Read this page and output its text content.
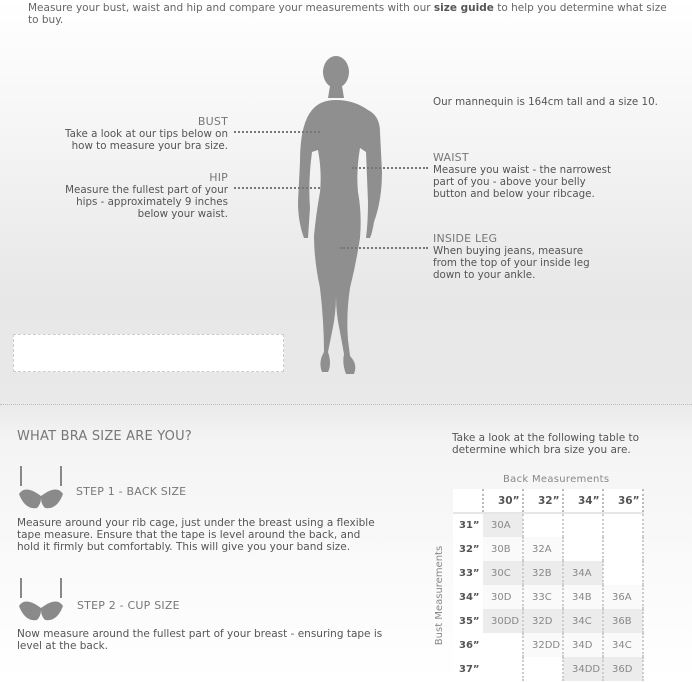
Measure your bust, waist and hip and compare your measurements with our size guide to help you determine what size to buy.
BUST
Take a look at our tips below on
how to measure your bra size.
HIP
Measure the fullest part of your
hips - approximately 9 inches
below your waist.
Our mannequin is 164cm tall and a size 10.
WAIST
Measure you waist - the narrowest
part of you - above your belly
button and below your ribcage.
INSIDE LEG
When buying jeans, measure
from the top of your inside leg
down to your ankle.
WHAT BRA SIZE ARE YOU?
STEP 1 - BACK SIZE
Measure around your rib cage, just under the breast using a flexible
tape measure. Ensure that the tape is level around the back, and
hold it firmly but comfortably. This will give you your band size.
STEP 2 - CUP SIZE
Now measure around the fullest part of your breast - ensuring tape is
level at the back.
Take a look at the following table to
determine which bra size you are.
Back Measurements
Bust Measurements
	30”	32”	34”	36”
31”	30A			
32”	30B	32A		
33”	30C	32B	34A	
34”	30D	33C	34B	36A
35”	30DD	32D	34C	36B
36”		32DD	34D	34C
37”			34DD	36D
